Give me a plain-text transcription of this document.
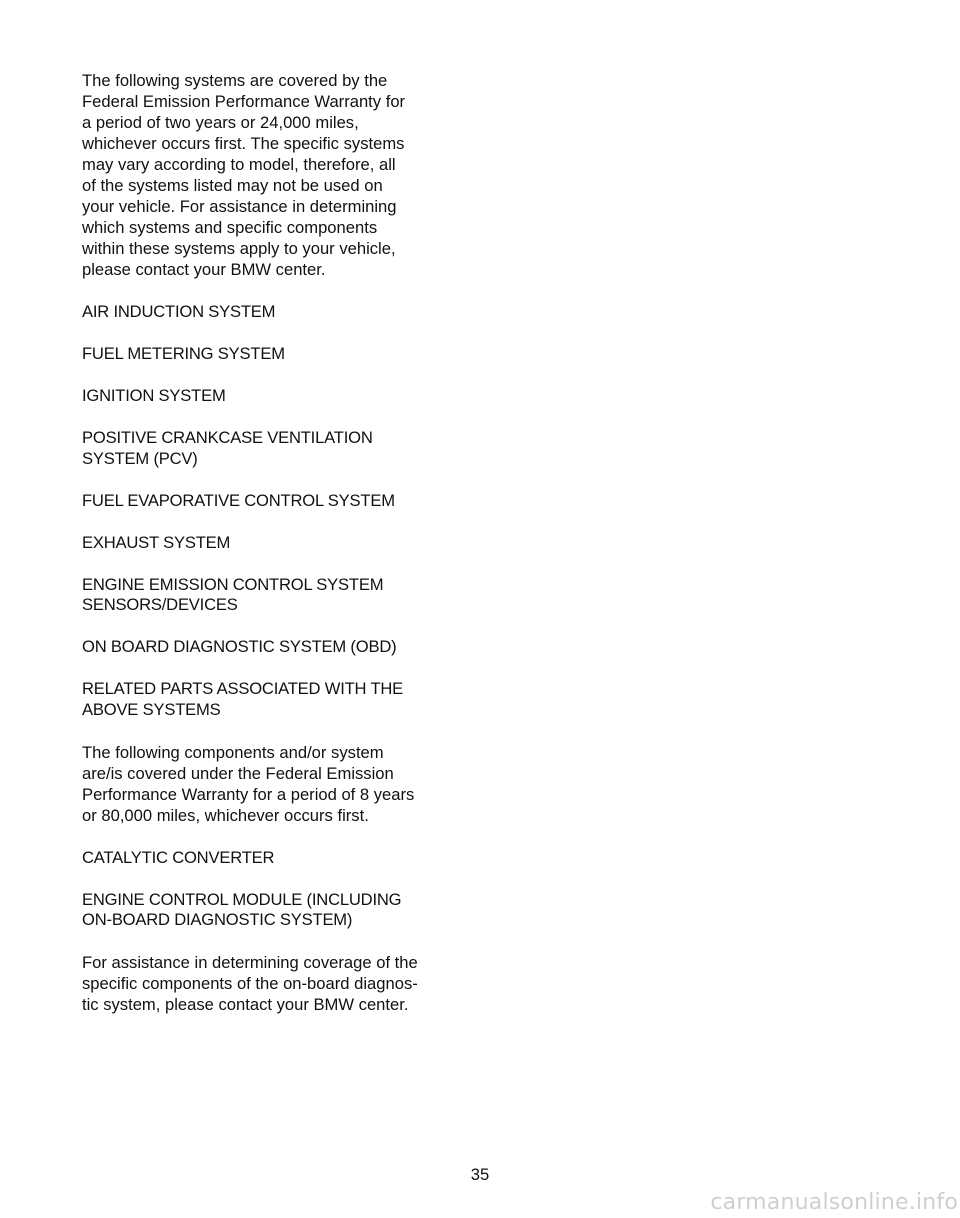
The following systems are covered by the
Federal Emission Performance Warranty for
a period of two years or 24,000 miles,
whichever occurs first. The specific systems
may vary according to model, therefore, all
of the systems listed may not be used on
your vehicle. For assistance in determining
which systems and specific components
within these systems apply to your vehicle,
please contact your BMW center.
AIR INDUCTION SYSTEM
FUEL METERING SYSTEM
IGNITION SYSTEM
POSITIVE CRANKCASE VENTILATION
SYSTEM (PCV)
FUEL EVAPORATIVE CONTROL SYSTEM
EXHAUST SYSTEM
ENGINE EMISSION CONTROL SYSTEM
SENSORS/DEVICES
ON BOARD DIAGNOSTIC SYSTEM (OBD)
RELATED PARTS ASSOCIATED WITH THE
ABOVE SYSTEMS
The following components and/or system
are/is covered under the Federal Emission
Performance Warranty for a period of 8 years
or 80,000 miles, whichever occurs first.
CATALYTIC CONVERTER
ENGINE CONTROL MODULE (INCLUDING
ON-BOARD DIAGNOSTIC SYSTEM)
For assistance in determining coverage of the
specific components of the on-board diagnos-
tic system, please contact your BMW center.
35
carmanualsonline.info
